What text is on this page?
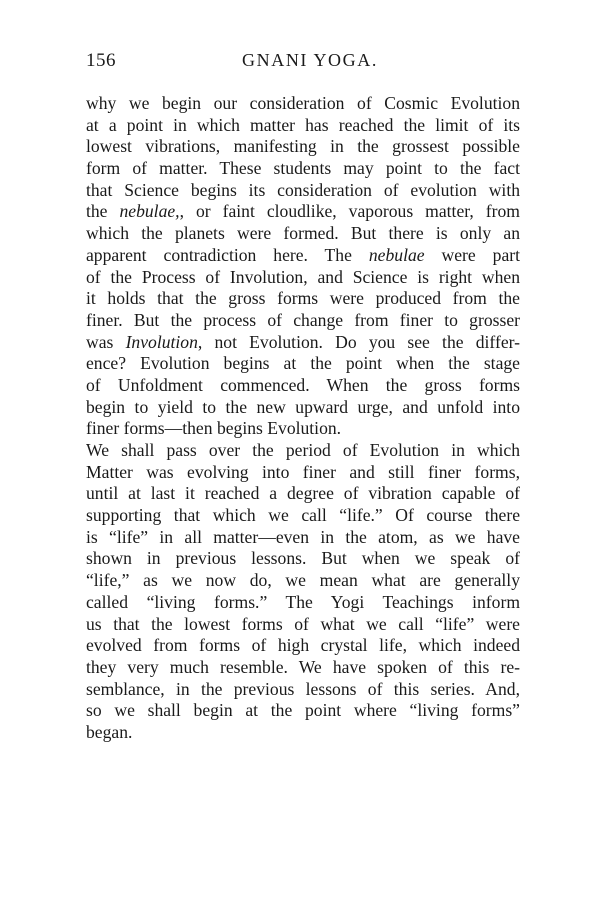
156	GNANI YOGA.
why we begin our consideration of Cosmic Evolution
at a point in which matter has reached the limit of its
lowest vibrations, manifesting in the grossest possible
form of matter. These students may point to the fact
that Science begins its consideration of evolution with
the nebulae,, or faint cloudlike, vaporous matter, from
which the planets were formed. But there is only an
apparent contradiction here. The nebulae were part
of the Process of Involution, and Science is right when
it holds that the gross forms were produced from the
finer. But the process of change from finer to grosser
was Involution, not Evolution. Do you see the differ-
ence? Evolution begins at the point when the stage
of Unfoldment commenced. When the gross forms
begin to yield to the new upward urge, and unfold into
finer forms—then begins Evolution.
We shall pass over the period of Evolution in which
Matter was evolving into finer and still finer forms,
until at last it reached a degree of vibration capable of
supporting that which we call “life.” Of course there
is “life” in all matter—even in the atom, as we have
shown in previous lessons. But when we speak of
“life,” as we now do, we mean what are generally
called “living forms.” The Yogi Teachings inform
us that the lowest forms of what we call “life” were
evolved from forms of high crystal life, which indeed
they very much resemble. We have spoken of this re-
semblance, in the previous lessons of this series. And,
so we shall begin at the point where “living forms”
began.
